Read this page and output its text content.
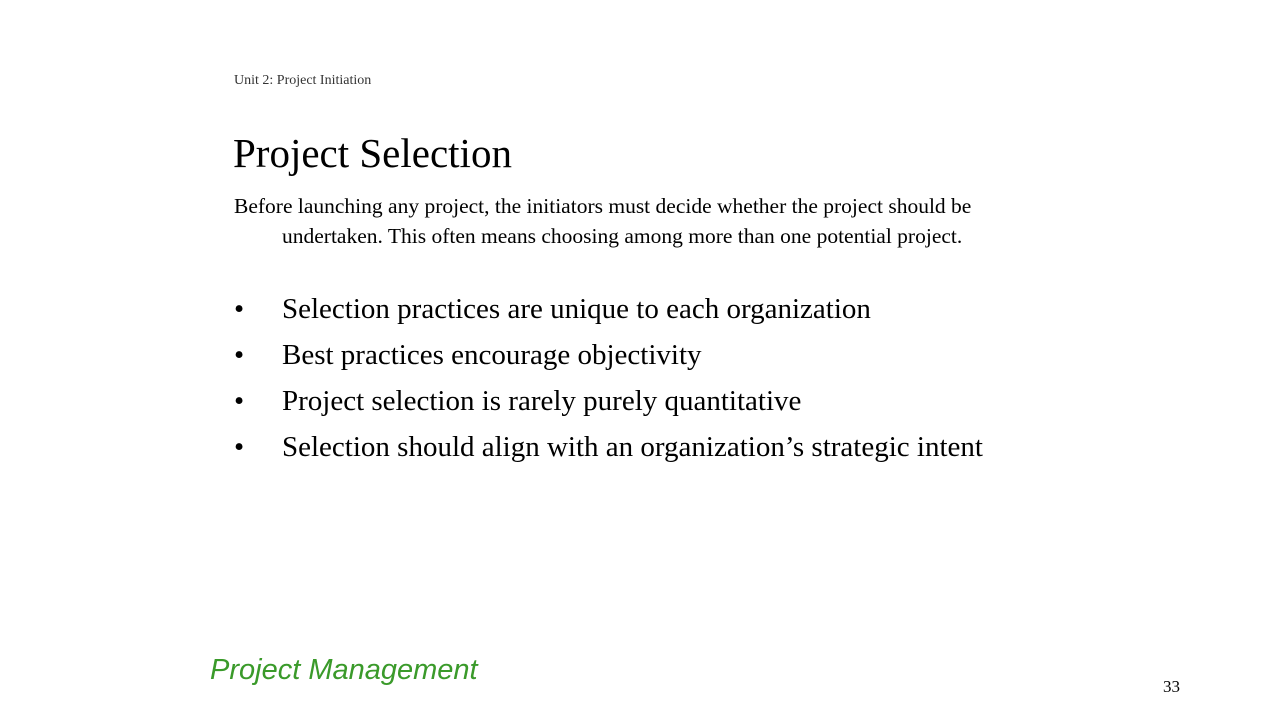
Unit 2: Project Initiation
Project Selection

Before launching any project, the initiators must decide whether the project should be undertaken. This often means choosing among more than one potential project.

• Selection practices are unique to each organization
• Best practices encourage objectivity
• Project selection is rarely purely quantitative
• Selection should align with an organization’s strategic intent
Project Management
33
